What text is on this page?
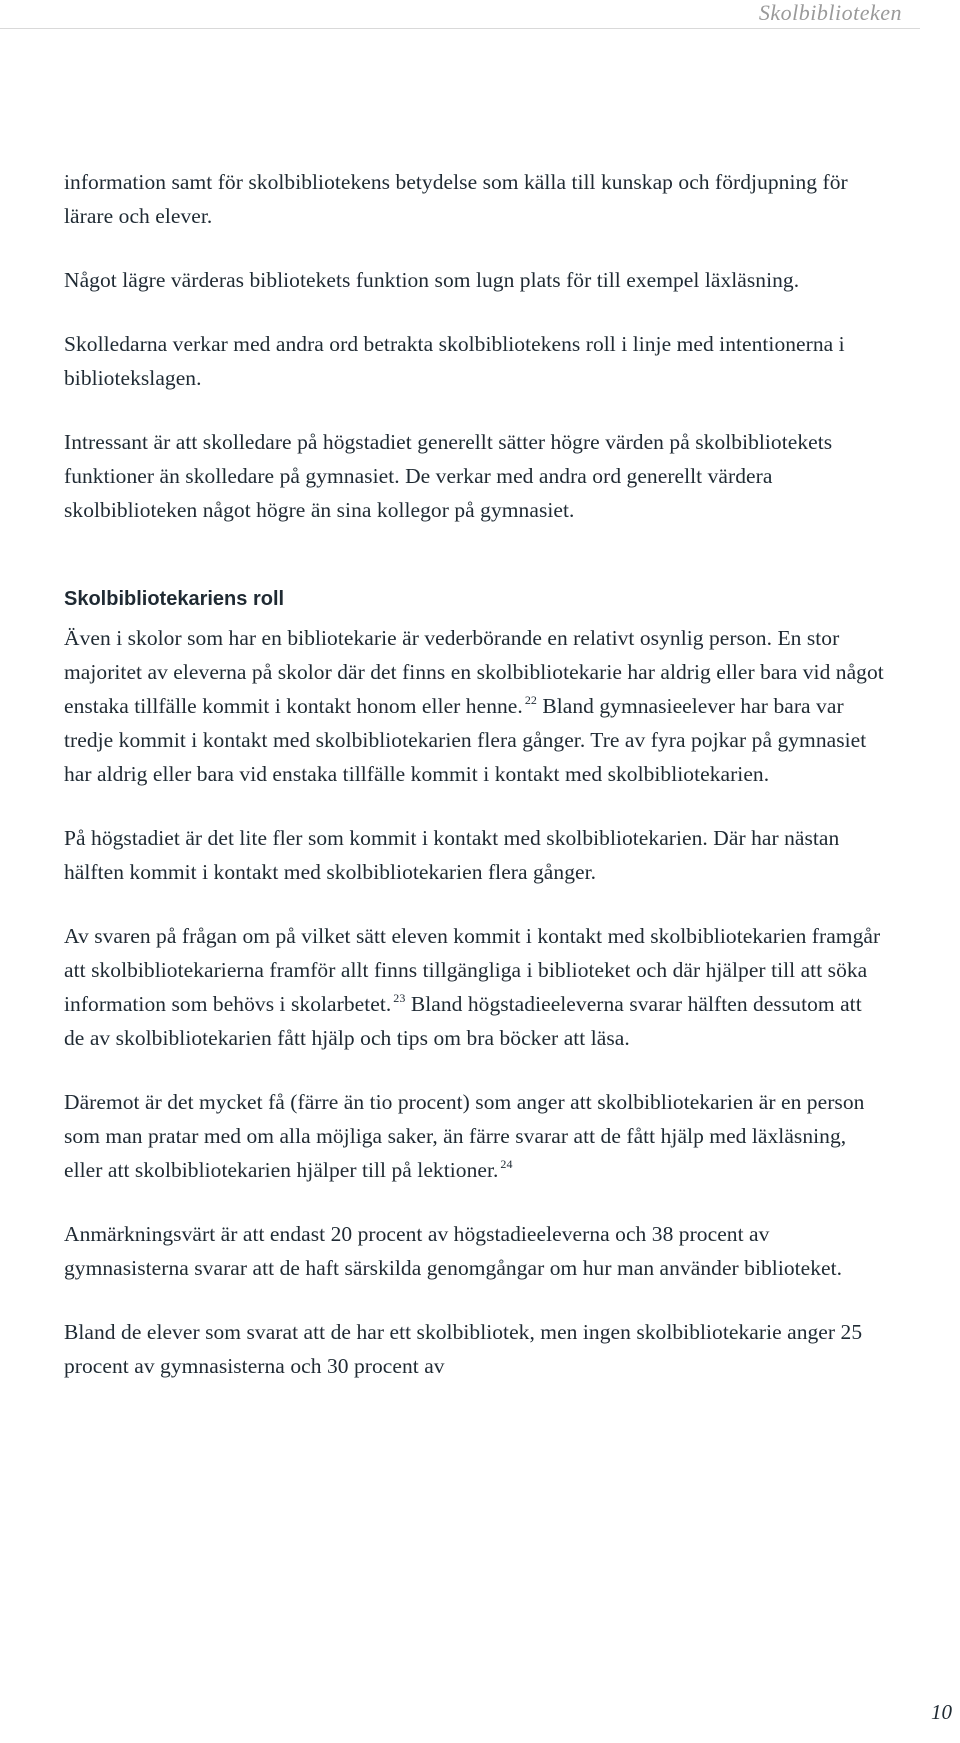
Skolbiblioteken

information samt för skolbibliotekens betydelse som källa till kunskap och fördjupning för lärare och elever.

Något lägre värderas bibliotekets funktion som lugn plats för till exempel läxläsning.

Skolledarna verkar med andra ord betrakta skolbibliotekens roll i linje med intentionerna i bibliotekslagen.

Intressant är att skolledare på högstadiet generellt sätter högre värden på skolbibliotekets funktioner än skolledare på gymnasiet. De verkar med andra ord generellt värdera skolbiblioteken något högre än sina kollegor på gymnasiet.

Skolbibliotekariens roll

Även i skolor som har en bibliotekarie är vederbörande en relativt osynlig person. En stor majoritet av eleverna på skolor där det finns en skolbibliotekarie har aldrig eller bara vid något enstaka tillfälle kommit i kontakt honom eller henne. $^{22}$ Bland gymnasieelever har bara var tredje kommit i kontakt med skolbibliotekarien flera gånger. Tre av fyra pojkar på gymnasiet har aldrig eller bara vid enstaka tillfälle kommit i kontakt med skolbibliotekarien.

På högstadiet är det lite fler som kommit i kontakt med skolbibliotekarien. Där har nästan hälften kommit i kontakt med skolbibliotekarien flera gånger.

Av svaren på frågan om på vilket sätt eleven kommit i kontakt med skolbibliotekarien framgår att skolbibliotekarierna framför allt finns tillgängliga i biblioteket och där hjälper till att söka information som behövs i skolarbetet. $^{23}$ Bland högstadieeleverna svarar hälften dessutom att de av skolbibliotekarien fått hjälp och tips om bra böcker att läsa.

Däremot är det mycket få (färre än tio procent) som anger att skolbibliotekarien är en person som man pratar med om alla möjliga saker, än färre svarar att de fått hjälp med läxläsning, eller att skolbibliotekarien hjälper till på lektioner. $^{24}$

Anmärkningsvärt är att endast 20 procent av högstadieeleverna och 38 procent av gymnasisterna svarar att de haft särskilda genomgångar om hur man använder biblioteket.

Bland de elever som svarat att de har ett skolbibliotek, men ingen skolbibliotekarie anger 25 procent av gymnasisterna och 30 procent av

10
